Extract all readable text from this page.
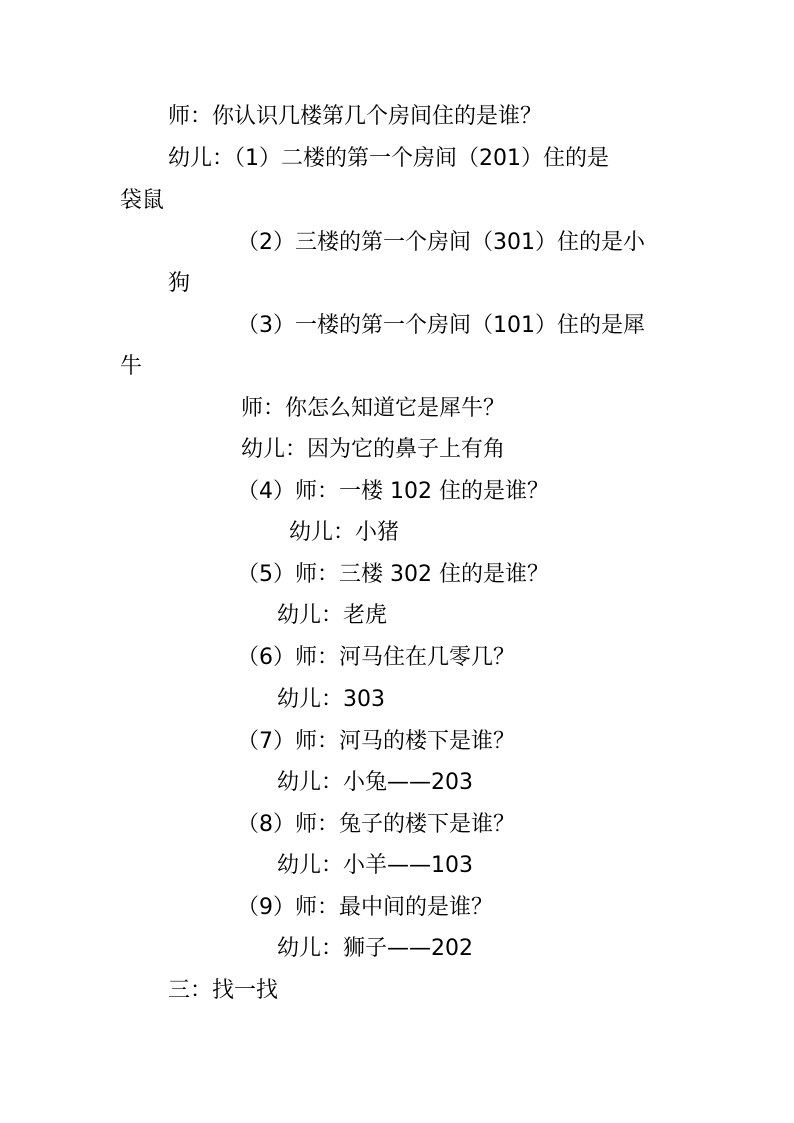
师：你认识几楼第几个房间住的是谁？
幼儿：（1）二楼的第一个房间（201）住的是
袋鼠
（2）三楼的第一个房间（301）住的是小
狗
（3）一楼的第一个房间（101）住的是犀
牛
师：你怎么知道它是犀牛？
幼儿：因为它的鼻子上有角
（4）师：一楼 102 住的是谁？
幼儿：小猪
（5）师：三楼 302 住的是谁？
幼儿：老虎
（6）师：河马住在几零几？
幼儿：303
（7）师：河马的楼下是谁？
幼儿：小兔——203
（8）师：兔子的楼下是谁？
幼儿：小羊——103
（9）师：最中间的是谁？
幼儿：狮子——202
三：找一找
